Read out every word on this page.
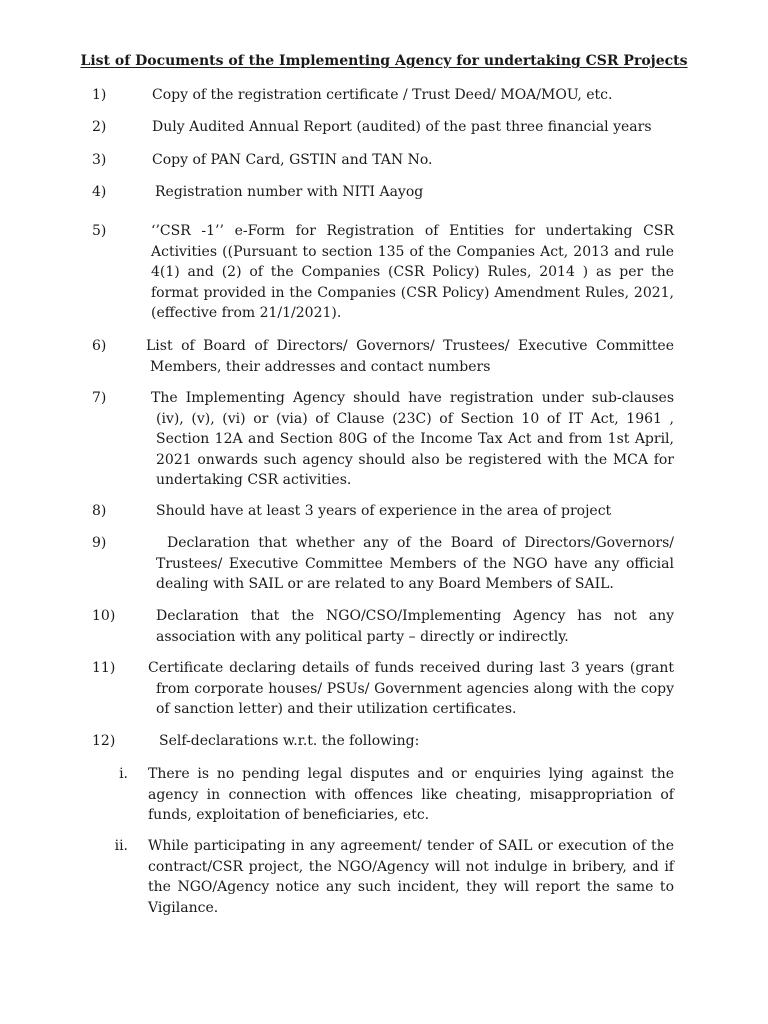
List of Documents of the Implementing Agency for undertaking CSR Projects
1)	Copy of the registration certificate / Trust Deed/ MOA/MOU, etc.
2)	Duly Audited Annual Report (audited) of the past three financial years
3)	Copy of PAN Card, GSTIN and TAN No.
4)	Registration number with NITI Aayog
5)	‘’CSR -1’’ e-Form for Registration of Entities for undertaking CSR Activities ((Pursuant to section 135 of the Companies Act, 2013 and rule 4(1) and (2) of the Companies (CSR Policy) Rules, 2014 ) as per the format provided in the Companies (CSR Policy) Amendment Rules, 2021, (effective from 21/1/2021).
6)	List of Board of Directors/ Governors/ Trustees/ Executive Committee Members, their addresses and contact numbers
7)	The Implementing Agency should have registration under sub-clauses (iv), (v), (vi) or (via) of Clause (23C) of Section 10 of IT Act, 1961 , Section 12A and Section 80G of the Income Tax Act and from 1st April, 2021 onwards such agency should also be registered with the MCA for undertaking CSR activities.
8)	Should have at least 3 years of experience in the area of project
9)	Declaration that whether any of the Board of Directors/Governors/ Trustees/ Executive Committee Members of the NGO have any official dealing with SAIL or are related to any Board Members of SAIL.
10)	Declaration that the NGO/CSO/Implementing Agency has not any association with any political party – directly or indirectly.
11) Certificate declaring details of funds received during last 3 years (grant from corporate houses/ PSUs/ Government agencies along with the copy of sanction letter) and their utilization certificates.
12)	Self-declarations w.r.t. the following:
i. There is no pending legal disputes and or enquiries lying against the agency in connection with offences like cheating, misappropriation of funds, exploitation of beneficiaries, etc.
ii. While participating in any agreement/ tender of SAIL or execution of the contract/CSR project, the NGO/Agency will not indulge in bribery, and if the NGO/Agency notice any such incident, they will report the same to Vigilance.
